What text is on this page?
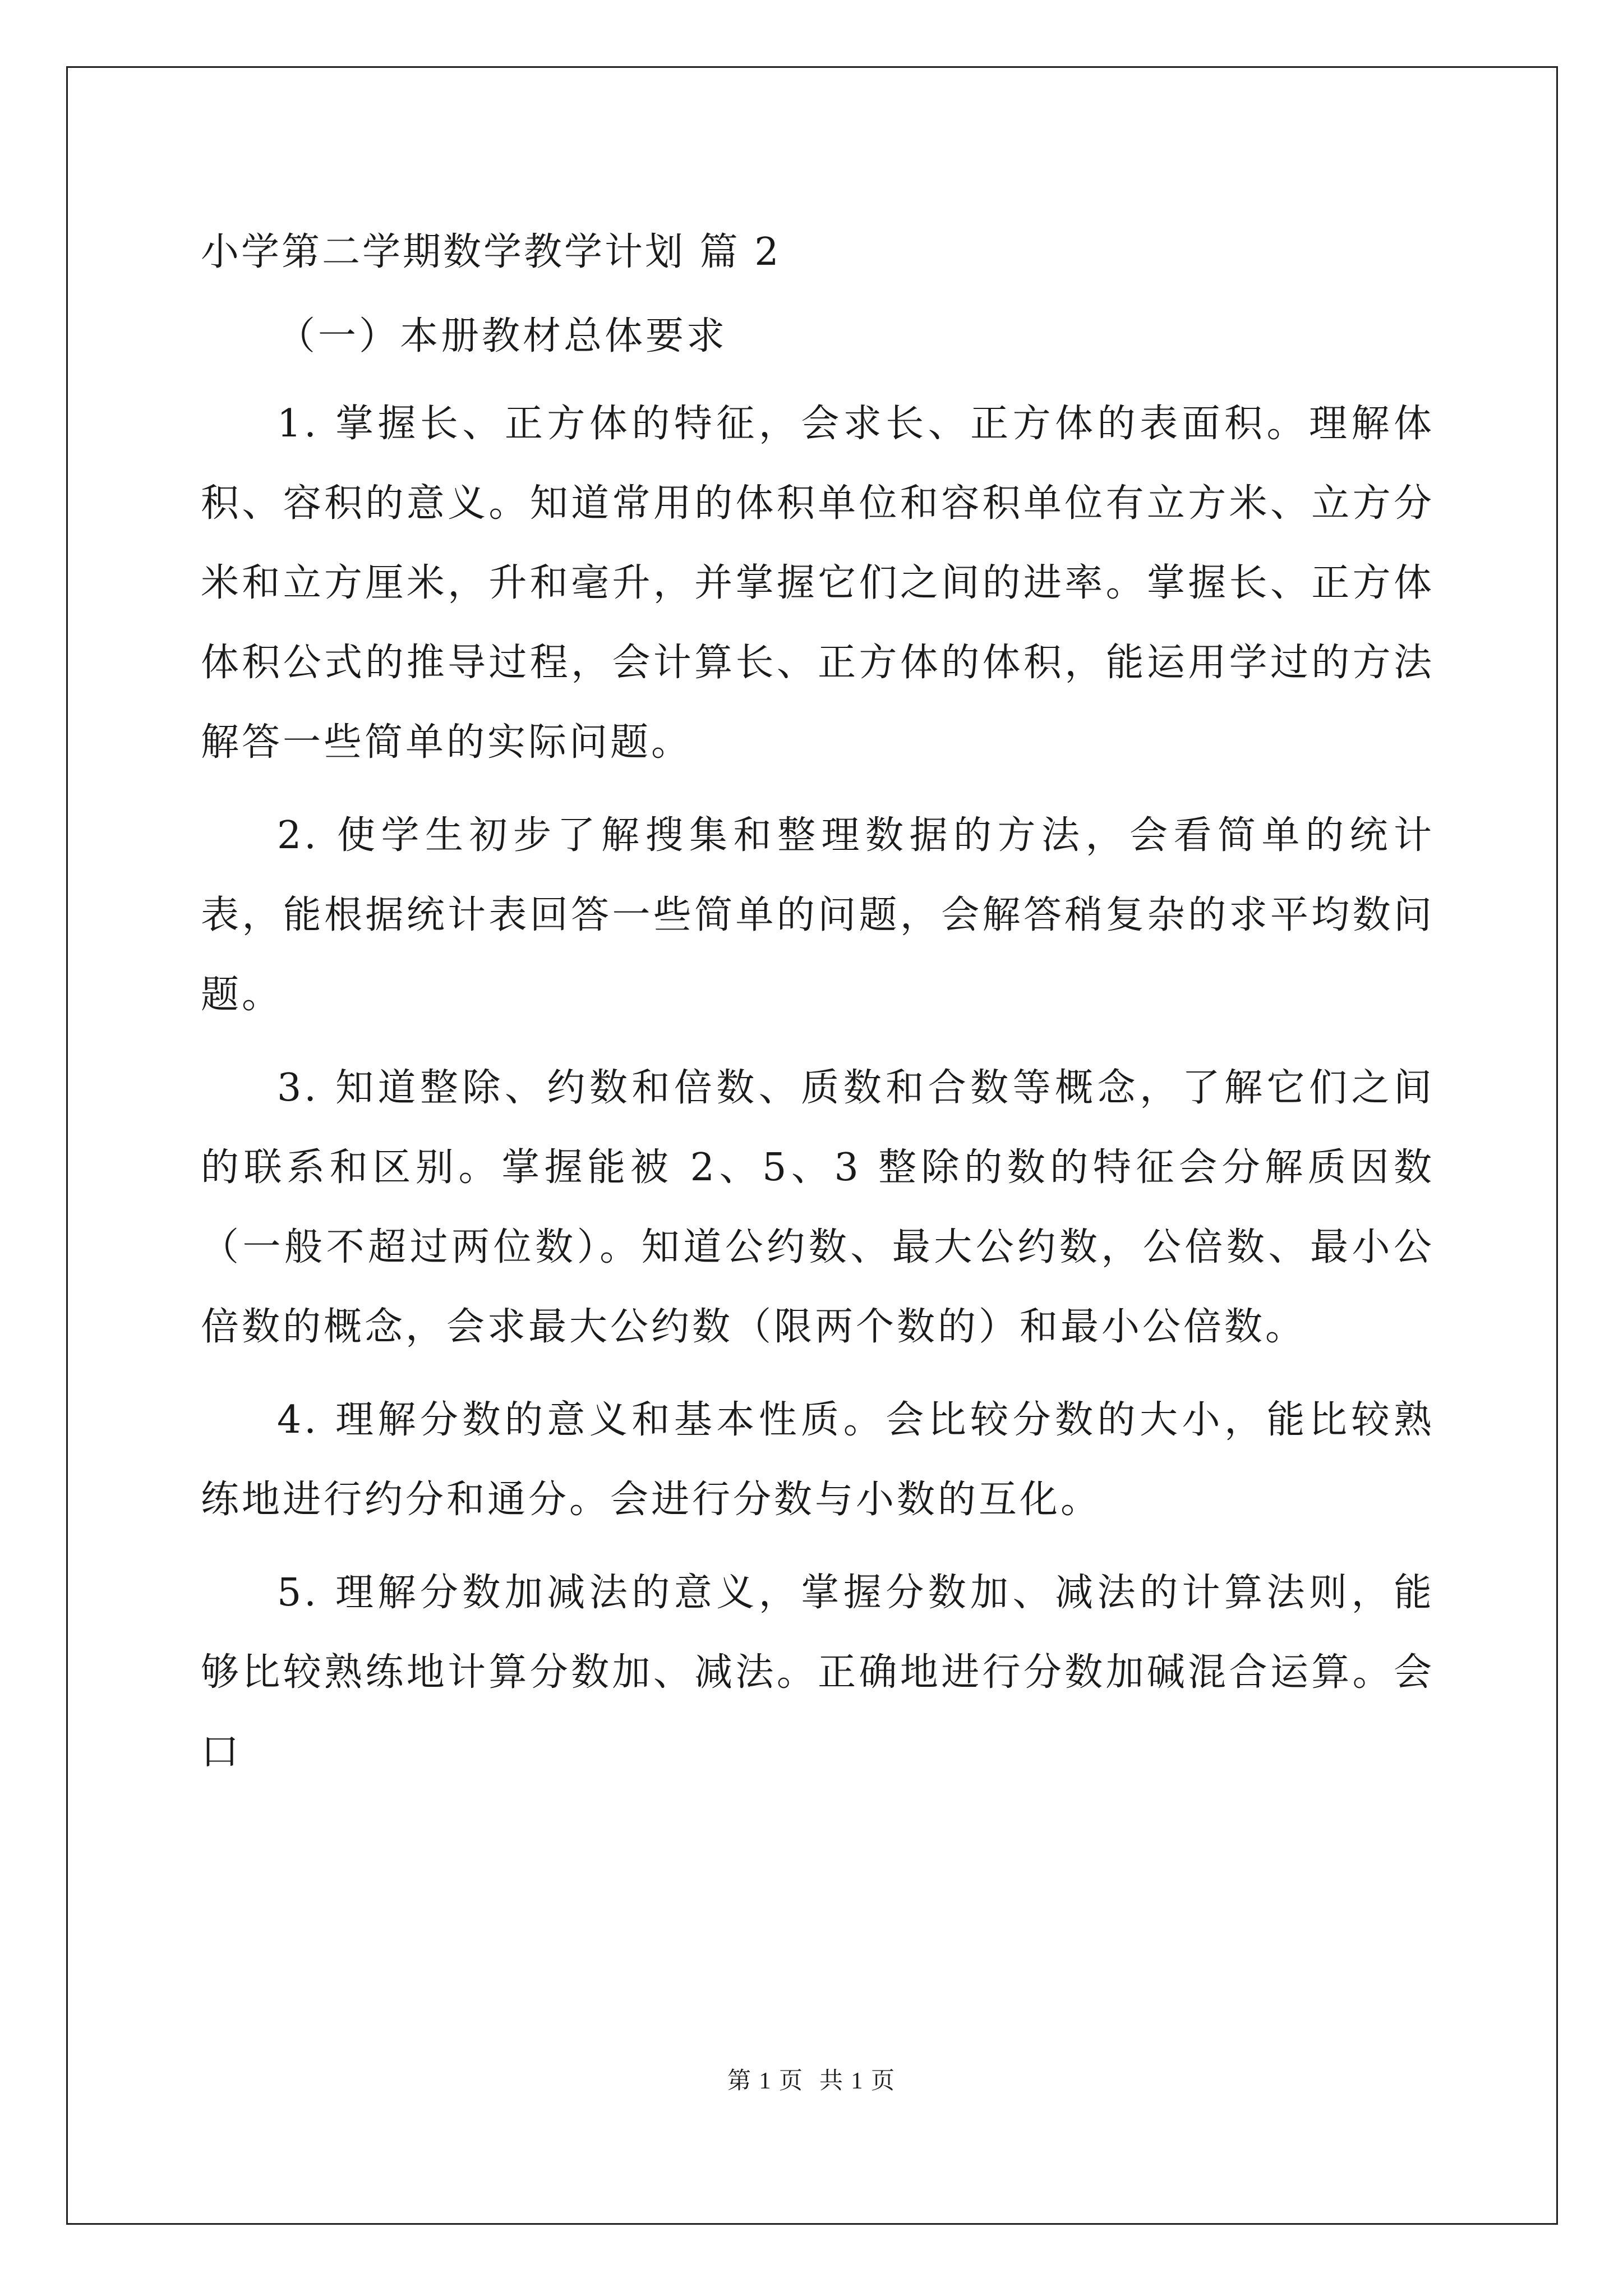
小学第二学期数学教学计划 篇 2

（一）本册教材总体要求

1. 掌握长、正方体的特征，会求长、正方体的表面积。理解体积、容积的意义。知道常用的体积单位和容积单位有立方米、立方分米和立方厘米，升和毫升，并掌握它们之间的进率。掌握长、正方体体积公式的推导过程，会计算长、正方体的体积，能运用学过的方法解答一些简单的实际问题。

2. 使学生初步了解搜集和整理数据的方法，会看简单的统计表，能根据统计表回答一些简单的问题，会解答稍复杂的求平均数问题。

3. 知道整除、约数和倍数、质数和合数等概念，了解它们之间的联系和区别。掌握能被 2、5、3 整除的数的特征会分解质因数（一般不超过两位数）。知道公约数、最大公约数，公倍数、最小公倍数的概念，会求最大公约数（限两个数的）和最小公倍数。

4. 理解分数的意义和基本性质。会比较分数的大小，能比较熟练地进行约分和通分。会进行分数与小数的互化。

5. 理解分数加减法的意义，掌握分数加、减法的计算法则，能够比较熟练地计算分数加、减法。正确地进行分数加碱混合运算。会口

第 1 页 共 1 页
